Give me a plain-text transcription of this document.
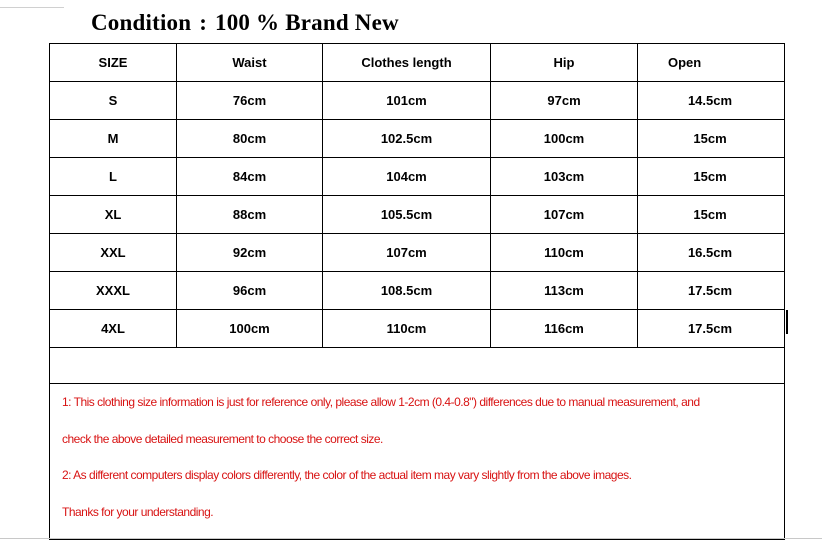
Condition : 100 % Brand New
SIZE	Waist	Clothes length	Hip	Open
S	76cm	101cm	97cm	14.5cm
M	80cm	102.5cm	100cm	15cm
L	84cm	104cm	103cm	15cm
XL	88cm	105.5cm	107cm	15cm
XXL	92cm	107cm	110cm	16.5cm
XXXL	96cm	108.5cm	113cm	17.5cm
4XL	100cm	110cm	116cm	17.5cm

1: This clothing size information is just for reference only, please allow 1-2cm (0.4-0.8") differences due to manual measurement, and
check the above detailed measurement to choose the correct size.
2: As different computers display colors differently, the color of the actual item may vary slightly from the above images.
Thanks for your understanding.				
